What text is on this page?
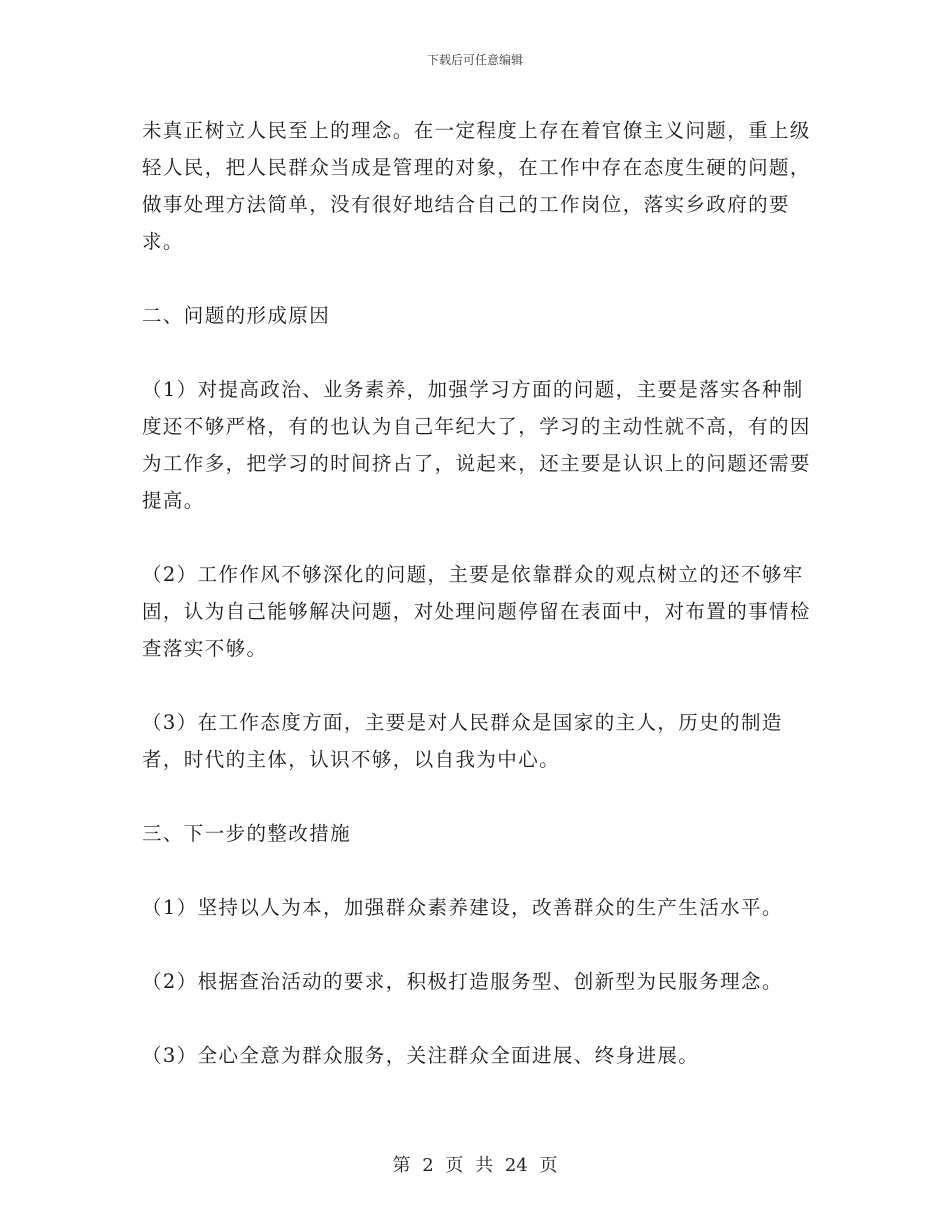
下载后可任意编辑

未真正树立人民至上的理念。在一定程度上存在着官僚主义问题，重上级轻人民，把人民群众当成是管理的对象，在工作中存在态度生硬的问题，做事处理方法简单，没有很好地结合自己的工作岗位，落实乡政府的要求。

二、问题的形成原因

（1）对提高政治、业务素养，加强学习方面的问题，主要是落实各种制度还不够严格，有的也认为自己年纪大了，学习的主动性就不高，有的因为工作多，把学习的时间挤占了，说起来，还主要是认识上的问题还需要提高。

（2）工作作风不够深化的问题，主要是依靠群众的观点树立的还不够牢固，认为自己能够解决问题，对处理问题停留在表面中，对布置的事情检查落实不够。

（3）在工作态度方面，主要是对人民群众是国家的主人，历史的制造者，时代的主体，认识不够，以自我为中心。

三、下一步的整改措施

（1）坚持以人为本，加强群众素养建设，改善群众的生产生活水平。

（2）根据查治活动的要求，积极打造服务型、创新型为民服务理念。

（3）全心全意为群众服务，关注群众全面进展、终身进展。

第 2 页 共 24 页
